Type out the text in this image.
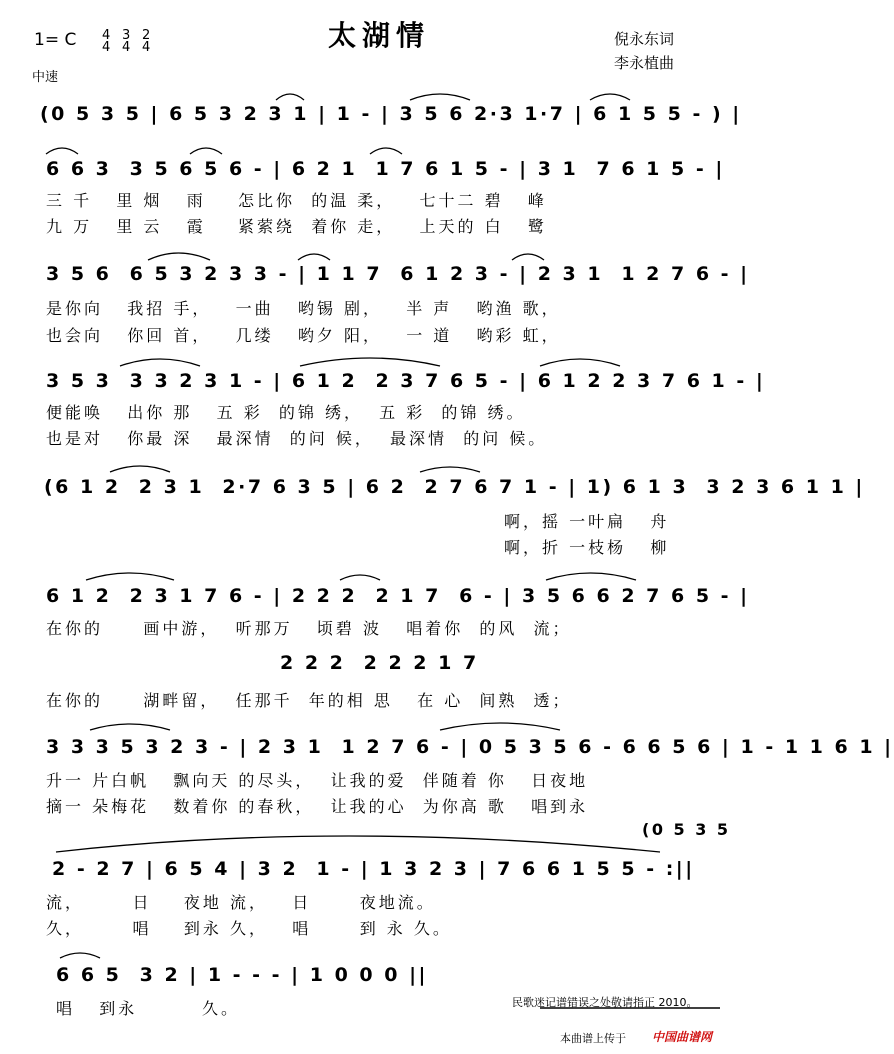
太湖情	倪永东词
李永植曲
1= C 4
4
3
4
2
4
中速
(0 5 3 5 | 6 5 3 2 3 1 | 1 - | 3 5 6 2·3 1·7 | 6 1 5 5 - ) |
6 6 3  3 5 6 5 6 - | 6 2 1  1 7 6 1 5 - | 3 1  7 6 1 5 - |
三 千   里 烟   雨    怎比你  的温 柔，   七十二 碧   峰
九 万   里 云   霞    紧萦绕  着你 走，   上天的 白   鹭
3 5 6  6 5 3 2 3 3 - | 1 1 7  6 1 2 3 - | 2 3 1  1 2 7 6 - |
是你向   我招 手，   一曲   哟锡 剧，   半 声   哟渔 歌，
也会向   你回 首，   几缕   哟夕 阳，   一 道   哟彩 虹，
3 5 3  3 3 2 3 1 - | 6 1 2  2 3 7 6 5 - | 6 1 2 2 3 7 6 1 - |
便能唤   出你 那   五 彩  的锦 绣，  五 彩  的锦 绣。
也是对   你最 深   最深情  的问 候，  最深情  的问 候。
(6 1 2  2 3 1  2·7 6 3 5 | 6 2  2 7 6 7 1 - | 1) 6 1 3  3 2 3 6 1 1 |
啊，摇 一叶扁   舟
啊，折 一枝杨   柳
6 1 2  2 3 1 7 6 - | 2 2 2  2 1 7  6 - | 3 5 6 6 2 7 6 5 - |
在你的     画中游，  听那万   顷碧 波   唱着你  的风  流；
2 2 2  2 2 2 1 7
在你的     湖畔留，  任那千  年的相 思   在 心  间熟  透；
3 3 3 5 3 2 3 - | 2 3 1  1 2 7 6 - | 0 5 3 5 6 - 6 6 5 6 | 1 - 1 1 6 1 |
升一 片白帆   飘向天 的尽头，  让我的爱  伴随着 你   日夜地
摘一 朵梅花   数着你 的春秋，  让我的心  为你高 歌   唱到永
(0 5 3 5
2 - 2 7 | 6 5 4 | 3 2  1 - | 1 3 2 3 | 7 6 6 1 5 5 - :||
流，      日    夜地 流，   日      夜地流。
久，      唱    到永 久，   唱      到 永 久。
6 6 5  3 2 | 1 - - - | 1 0 0 0 ||
唱   到永        久。	民歌迷记谱错误之处敬请指正 2010。
本曲谱上传于 中国曲谱网
